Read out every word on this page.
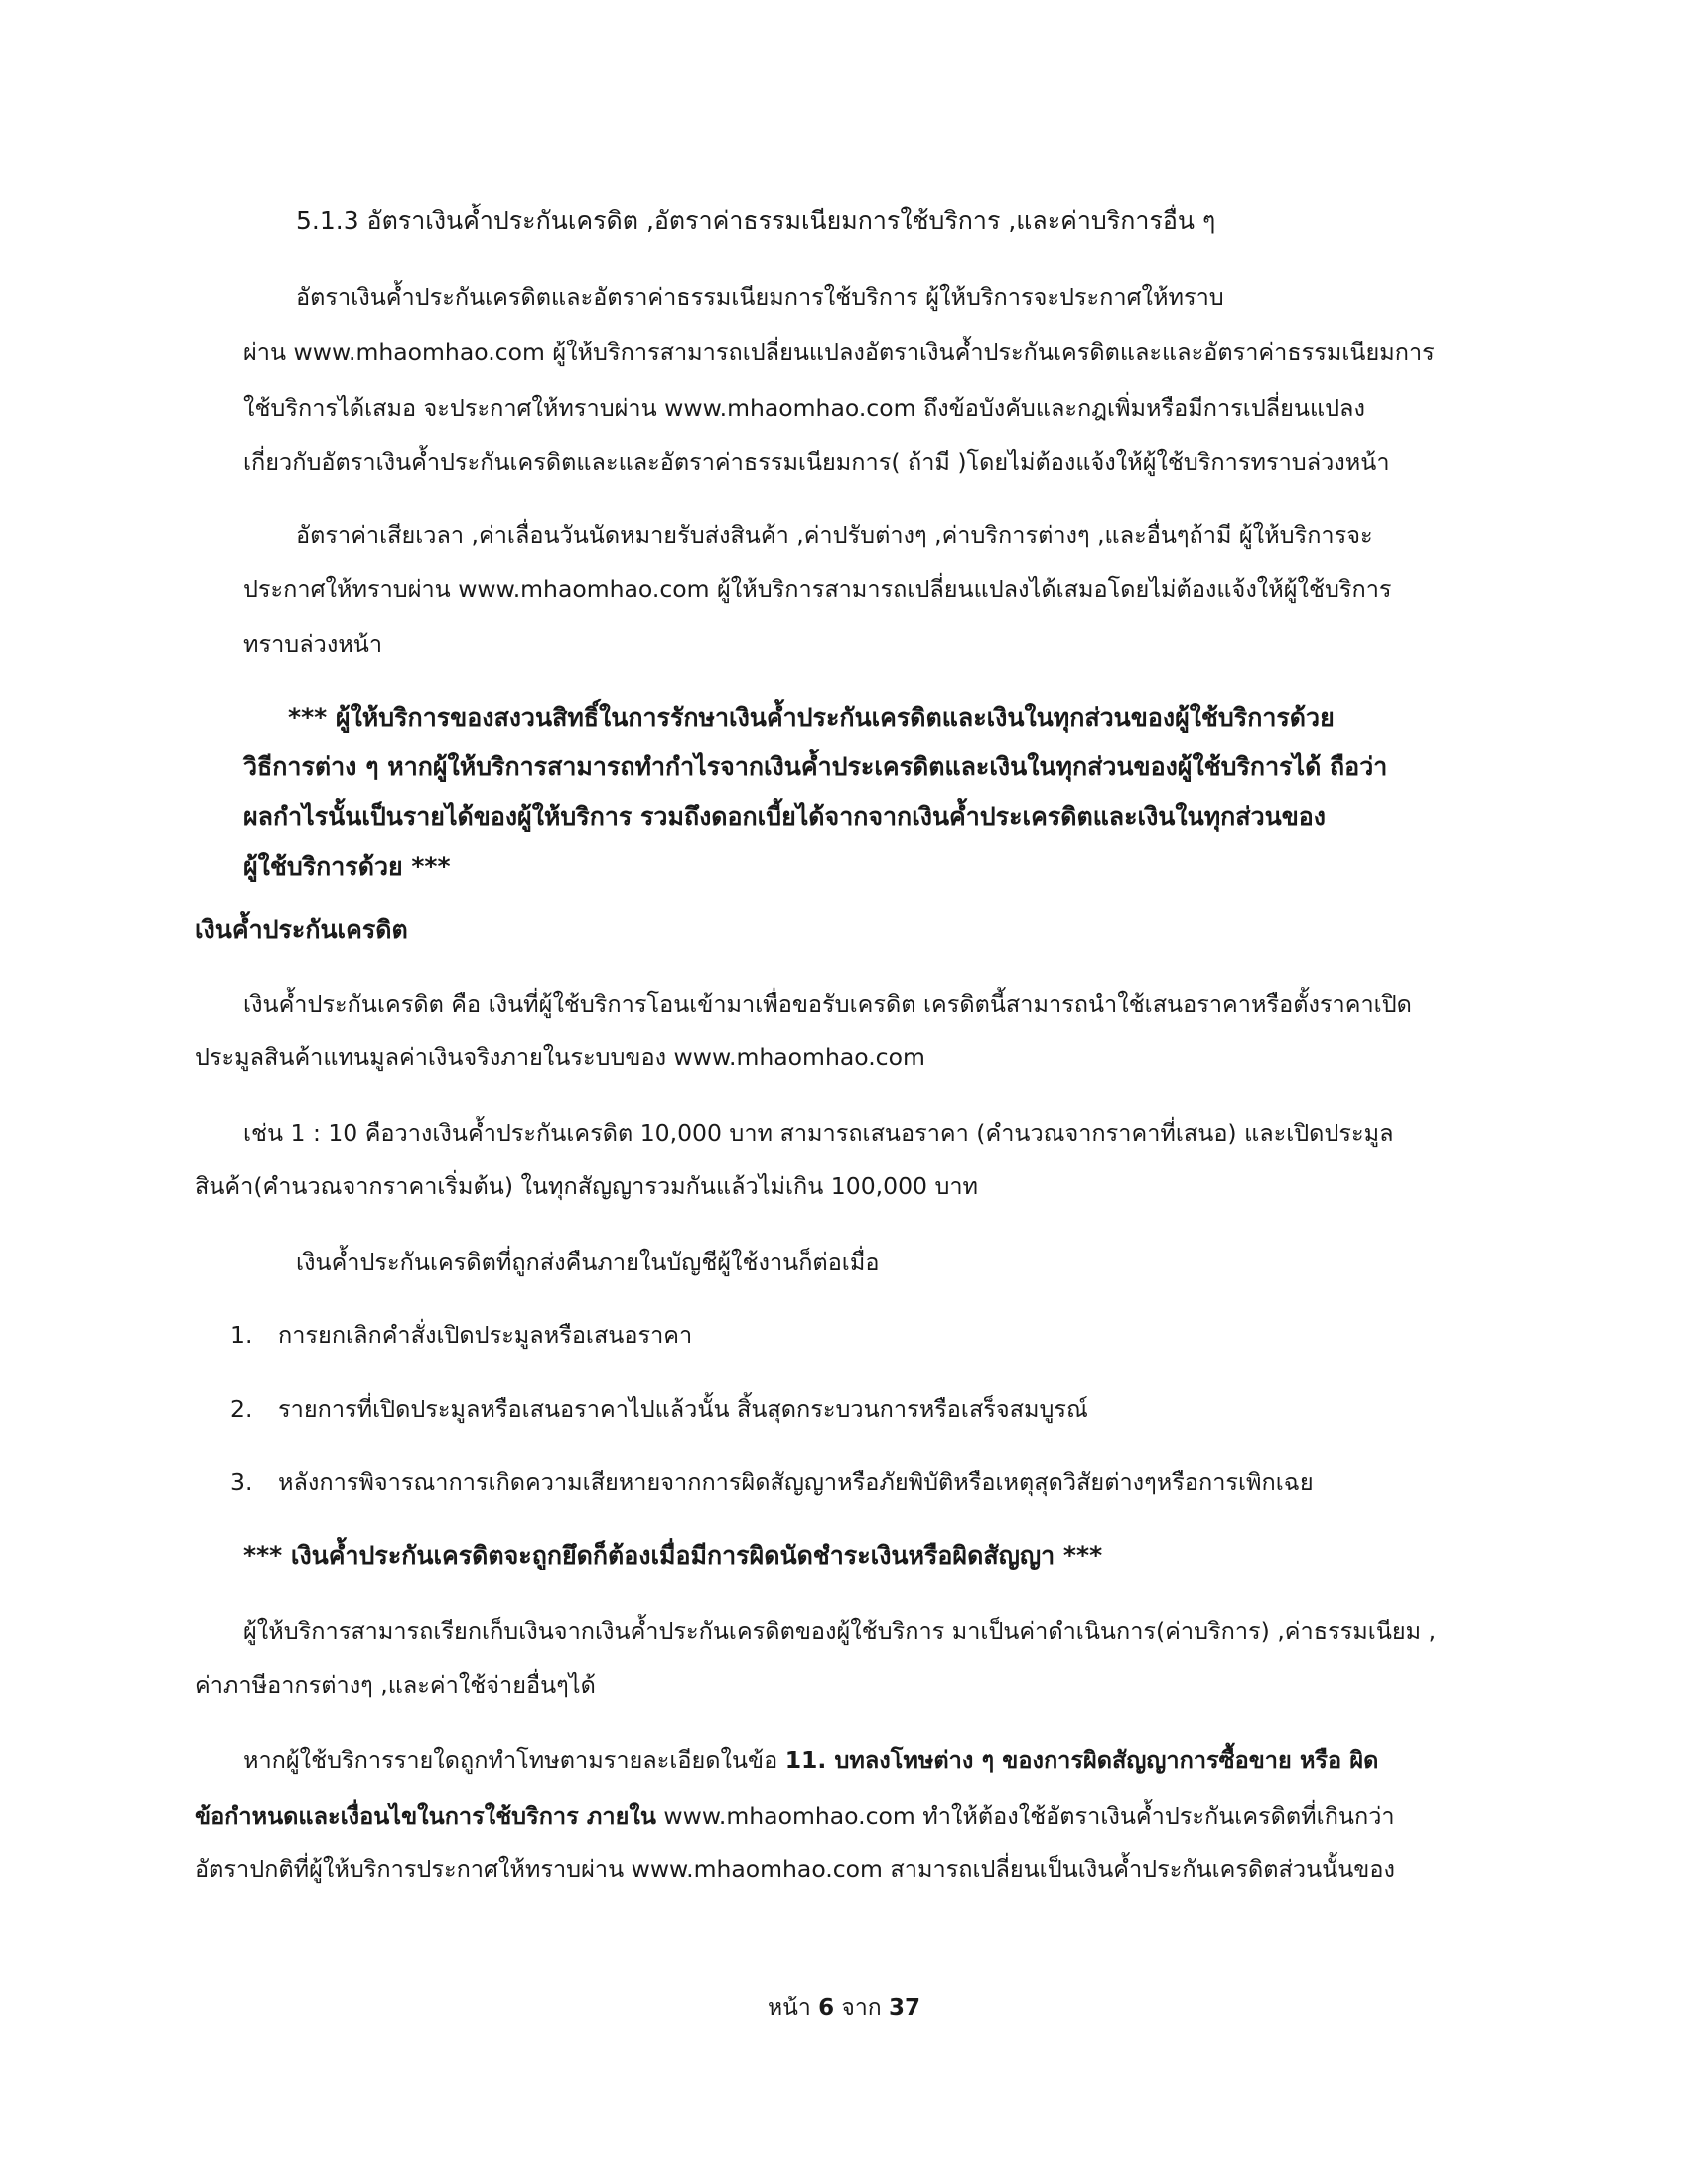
5.1.3 อัตราเงินค้ำประกันเครดิต ,อัตราค่าธรรมเนียมการใช้บริการ ,และค่าบริการอื่น ๆ
อัตราเงินค้ำประกันเครดิตและอัตราค่าธรรมเนียมการใช้บริการ ผู้ให้บริการจะประกาศให้ทราบ
ผ่าน www.mhaomhao.com ผู้ให้บริการสามารถเปลี่ยนแปลงอัตราเงินค้ำประกันเครดิตและและอัตราค่าธรรมเนียมการ
ใช้บริการได้เสมอ จะประกาศให้ทราบผ่าน www.mhaomhao.com ถึงข้อบังคับและกฎเพิ่มหรือมีการเปลี่ยนแปลง
เกี่ยวกับอัตราเงินค้ำประกันเครดิตและและอัตราค่าธรรมเนียมการ( ถ้ามี )โดยไม่ต้องแจ้งให้ผู้ใช้บริการทราบล่วงหน้า
อัตราค่าเสียเวลา ,ค่าเลื่อนวันนัดหมายรับส่งสินค้า ,ค่าปรับต่างๆ ,ค่าบริการต่างๆ ,และอื่นๆถ้ามี ผู้ให้บริการจะ
ประกาศให้ทราบผ่าน www.mhaomhao.com ผู้ให้บริการสามารถเปลี่ยนแปลงได้เสมอโดยไม่ต้องแจ้งให้ผู้ใช้บริการ
ทราบล่วงหน้า
*** ผู้ให้บริการของสงวนสิทธิ์ในการรักษาเงินค้ำประกันเครดิตและเงินในทุกส่วนของผู้ใช้บริการด้วย
วิธีการต่าง ๆ หากผู้ให้บริการสามารถทำกำไรจากเงินค้ำประเครดิตและเงินในทุกส่วนของผู้ใช้บริการได้ ถือว่า
ผลกำไรนั้นเป็นรายได้ของผู้ให้บริการ รวมถึงดอกเบี้ยได้จากจากเงินค้ำประเครดิตและเงินในทุกส่วนของ
ผู้ใช้บริการด้วย ***
เงินค้ำประกันเครดิต
เงินค้ำประกันเครดิต คือ เงินที่ผู้ใช้บริการโอนเข้ามาเพื่อขอรับเครดิต เครดิตนี้สามารถนำใช้เสนอราคาหรือตั้งราคาเปิด
ประมูลสินค้าแทนมูลค่าเงินจริงภายในระบบของ www.mhaomhao.com
เช่น 1 : 10 คือวางเงินค้ำประกันเครดิต 10,000 บาท สามารถเสนอราคา (คำนวณจากราคาที่เสนอ) และเปิดประมูล
สินค้า(คำนวณจากราคาเริ่มต้น) ในทุกสัญญารวมกันแล้วไม่เกิน 100,000 บาท
เงินค้ำประกันเครดิตที่ถูกส่งคืนภายในบัญชีผู้ใช้งานก็ต่อเมื่อ
1. การยกเลิกคำสั่งเปิดประมูลหรือเสนอราคา
2. รายการที่เปิดประมูลหรือเสนอราคาไปแล้วนั้น สิ้นสุดกระบวนการหรือเสร็จสมบูรณ์
3. หลังการพิจารณาการเกิดความเสียหายจากการผิดสัญญาหรือภัยพิบัติหรือเหตุสุดวิสัยต่างๆหรือการเพิกเฉย
*** เงินค้ำประกันเครดิตจะถูกยึดก็ต้องเมื่อมีการผิดนัดชำระเงินหรือผิดสัญญา ***
ผู้ให้บริการสามารถเรียกเก็บเงินจากเงินค้ำประกันเครดิตของผู้ใช้บริการ มาเป็นค่าดำเนินการ(ค่าบริการ) ,ค่าธรรมเนียม ,
ค่าภาษีอากรต่างๆ ,และค่าใช้จ่ายอื่นๆได้
หากผู้ใช้บริการรายใดถูกทำโทษตามรายละเอียดในข้อ 11. บทลงโทษต่าง ๆ ของการผิดสัญญาการซื้อขาย หรือ ผิด
ข้อกำหนดและเงื่อนไขในการใช้บริการ ภายใน www.mhaomhao.com ทำให้ต้องใช้อัตราเงินค้ำประกันเครดิตที่เกินกว่า
อัตราปกติที่ผู้ให้บริการประกาศให้ทราบผ่าน www.mhaomhao.com สามารถเปลี่ยนเป็นเงินค้ำประกันเครดิตส่วนนั้นของ
หน้า 6 จาก 37
